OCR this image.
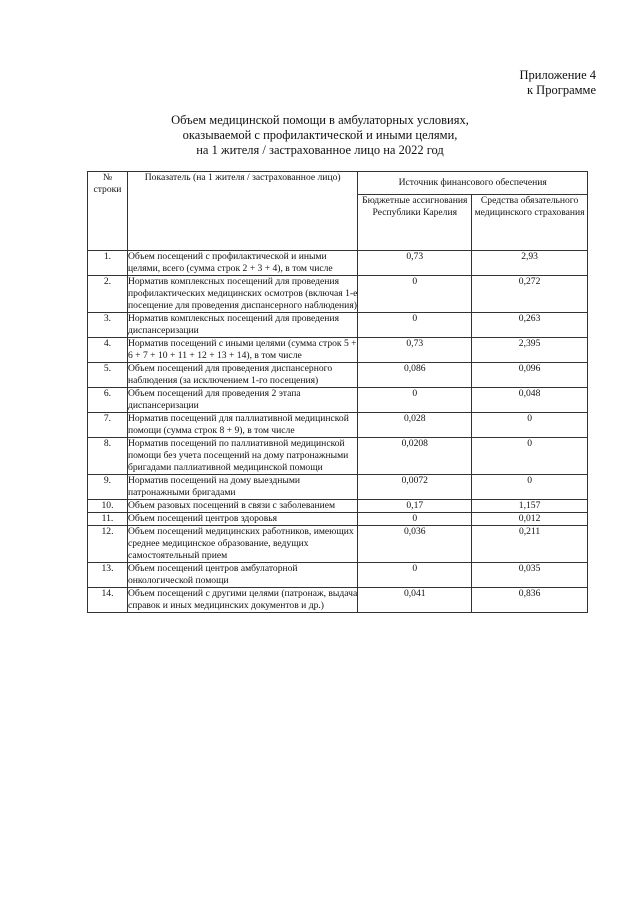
Приложение 4
к Программе
Объем медицинской помощи в амбулаторных условиях,
оказываемой с профилактической и иными целями,
на 1 жителя / застрахованное лицо на 2022 год
№ строки	Показатель (на 1 жителя / застрахованное лицо)	Источник финансового обеспечения	
		Бюджетные ассигнования Республики Карелия	Средства обязательного медицинского страхования
1.	Объем посещений с профилактической и иными целями, всего (сумма строк 2 + 3 + 4), в том числе	0,73	2,93
2.	Норматив комплексных посещений для проведения профилактических медицинских осмотров (включая 1-е посещение для проведения диспансерного наблюдения)	0	0,272
3.	Норматив комплексных посещений для проведения диспансеризации	0	0,263
4.	Норматив посещений с иными целями (сумма строк 5 + 6 + 7 + 10 + 11 + 12 + 13 + 14), в том числе	0,73	2,395
5.	Объем посещений для проведения диспансерного наблюдения (за исключением 1-го посещения)	0,086	0,096
6.	Объем посещений для проведения 2 этапа диспансеризации	0	0,048
7.	Норматив посещений для паллиативной медицинской помощи (сумма строк 8 + 9), в том числе	0,028	0
8.	Норматив посещений по паллиативной медицинской помощи без учета посещений на дому патронажными бригадами паллиативной медицинской помощи	0,0208	0
9.	Норматив посещений на дому выездными патронажными бригадами	0,0072	0
10.	Объем разовых посещений в связи с заболеванием	0,17	1,157
11.	Объем посещений центров здоровья	0	0,012
12.	Объем посещений медицинских работников, имеющих среднее медицинское образование, ведущих самостоятельный прием	0,036	0,211
13.	Объем посещений центров амбулаторной онкологической помощи	0	0,035
14.	Объем посещений с другими целями (патронаж, выдача справок и иных медицинских документов и др.)	0,041	0,836
